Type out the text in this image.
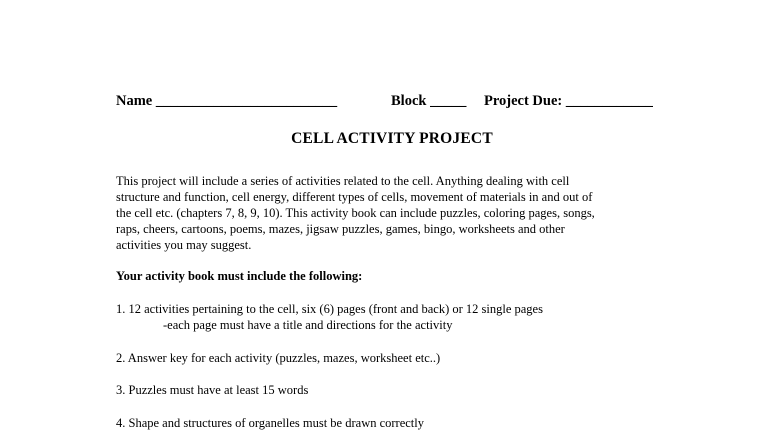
Name _________________________

	Block _____

Project Due: ____________

CELL ACTIVITY PROJECT
This project will include a series of activities related to the cell. Anything dealing with cell
structure and function, cell energy, different types of cells, movement of materials in and out of
the cell etc. (chapters 7, 8, 9, 10). This activity book can include puzzles, coloring pages, songs,
raps, cheers, cartoons, poems, mazes, jigsaw puzzles, games, bingo, worksheets and other
activities you may suggest.
Your activity book must include the following:
1. 12 activities pertaining to the cell, six (6) pages (front and back) or 12 single pages
-each page must have a title and directions for the activity
2. Answer key for each activity (puzzles, mazes, worksheet etc..)
3. Puzzles must have at least 15 words
4. Shape and structures of organelles must be drawn correctly
